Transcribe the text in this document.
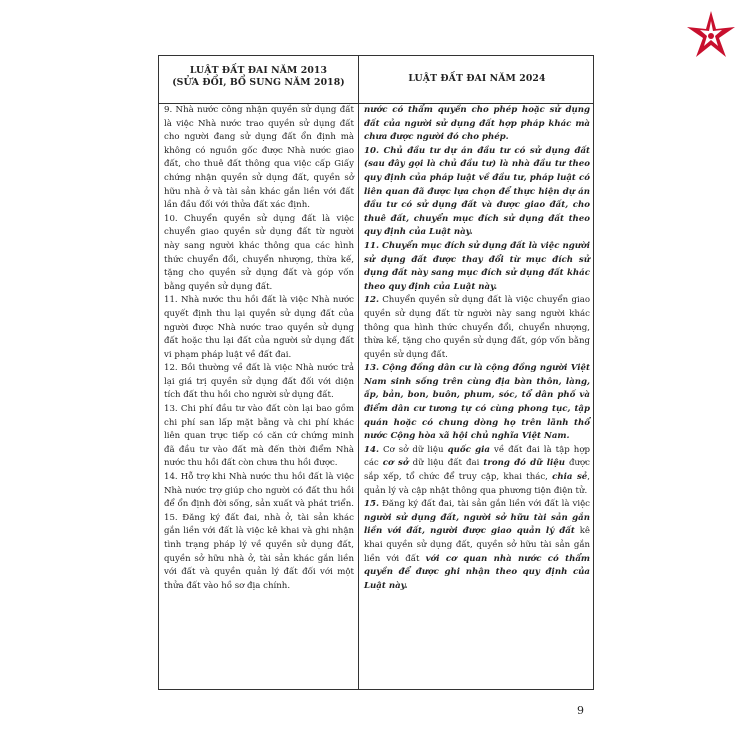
LUẬT ĐẤT ĐAI NĂM 2013
(SỬA ĐỔI, BỔ SUNG NĂM 2018)	LUẬT ĐẤT ĐAI NĂM 2024

9. Nhà nước công nhận quyền sử dụng đất là việc Nhà nước trao quyền sử dụng đất cho người đang sử dụng đất ổn định mà không có nguồn gốc được Nhà nước giao đất, cho thuê đất thông qua việc cấp Giấy chứng nhận quyền sử dụng đất, quyền sở hữu nhà ở và tài sản khác gắn liền với đất lần đầu đối với thửa đất xác định.

10. Chuyển quyền sử dụng đất là việc chuyển giao quyền sử dụng đất từ người này sang người khác thông qua các hình thức chuyển đổi, chuyển nhượng, thừa kế, tặng cho quyền sử dụng đất và góp vốn bằng quyền sử dụng đất.

11. Nhà nước thu hồi đất là việc Nhà nước quyết định thu lại quyền sử dụng đất của người được Nhà nước trao quyền sử dụng đất hoặc thu lại đất của người sử dụng đất vi phạm pháp luật về đất đai.

12. Bồi thường về đất là việc Nhà nước trả lại giá trị quyền sử dụng đất đối với diện tích đất thu hồi cho người sử dụng đất.

13. Chi phí đầu tư vào đất còn lại bao gồm chi phí san lấp mặt bằng và chi phí khác liên quan trực tiếp có căn cứ chứng minh đã đầu tư vào đất mà đến thời điểm Nhà nước thu hồi đất còn chưa thu hồi được.

14. Hỗ trợ khi Nhà nước thu hồi đất là việc Nhà nước trợ giúp cho người có đất thu hồi để ổn định đời sống, sản xuất và phát triển.

15. Đăng ký đất đai, nhà ở, tài sản khác gắn liền với đất là việc kê khai và ghi nhận tình trạng pháp lý về quyền sử dụng đất, quyền sở hữu nhà ở, tài sản khác gắn liền với đất và quyền quản lý đất đối với một thửa đất vào hồ sơ địa chính.

nước có thẩm quyền cho phép hoặc sử dụng đất của người sử dụng đất hợp pháp khác mà chưa được người đó cho phép.

10. Chủ đầu tư dự án đầu tư có sử dụng đất (sau đây gọi là chủ đầu tư) là nhà đầu tư theo quy định của pháp luật về đầu tư, pháp luật có liên quan đã được lựa chọn để thực hiện dự án đầu tư có sử dụng đất và được giao đất, cho thuê đất, chuyển mục đích sử dụng đất theo quy định của Luật này.

11. Chuyển mục đích sử dụng đất là việc người sử dụng đất được thay đổi từ mục đích sử dụng đất này sang mục đích sử dụng đất khác theo quy định của Luật này.

12. Chuyển quyền sử dụng đất là việc chuyển giao quyền sử dụng đất từ người này sang người khác thông qua hình thức chuyển đổi, chuyển nhượng, thừa kế, tặng cho quyền sử dụng đất, góp vốn bằng quyền sử dụng đất.

13. Cộng đồng dân cư là cộng đồng người Việt Nam sinh sống trên cùng địa bàn thôn, làng, ấp, bản, bon, buôn, phum, sóc, tổ dân phố và điểm dân cư tương tự có cùng phong tục, tập quán hoặc có chung dòng họ trên lãnh thổ nước Cộng hòa xã hội chủ nghĩa Việt Nam.

14. Cơ sở dữ liệu quốc gia về đất đai là tập hợp các cơ sở dữ liệu đất đai trong đó dữ liệu được sắp xếp, tổ chức để truy cập, khai thác, chia sẻ, quản lý và cập nhật thông qua phương tiện điện tử.

15. Đăng ký đất đai, tài sản gắn liền với đất là việc người sử dụng đất, người sở hữu tài sản gắn liền với đất, người được giao quản lý đất kê khai quyền sử dụng đất, quyền sở hữu tài sản gắn liền với đất với cơ quan nhà nước có thẩm quyền để được ghi nhận theo quy định của Luật này.

9
